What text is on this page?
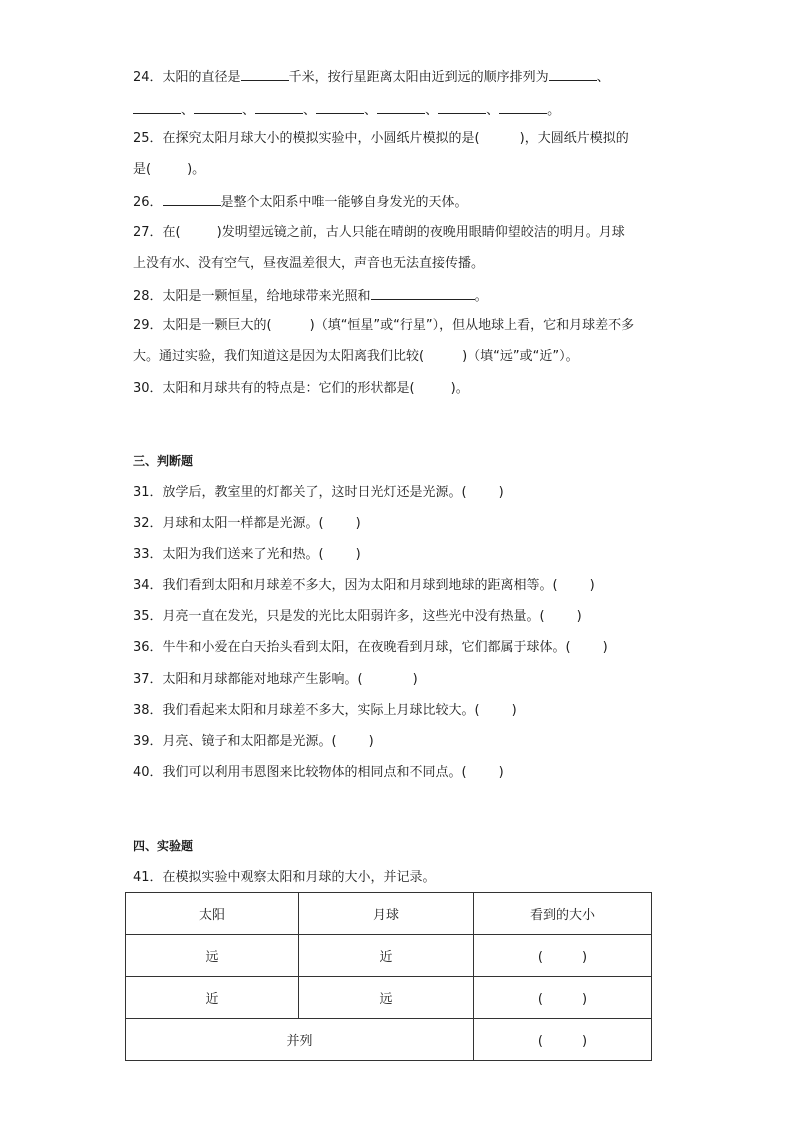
24．太阳的直径是	千米，按行星距离太阳由近到远的顺序排列为	、
、	、	、	、	、	、	。
25．在探究太阳月球大小的模拟实验中，小圆纸片模拟的是(	)，大圆纸片模拟的
是(	)。
26．	是整个太阳系中唯一能够自身发光的天体。
27．在(	)发明望远镜之前，古人只能在晴朗的夜晚用眼睛仰望皎洁的明月。月球
上没有水、没有空气，昼夜温差很大，声音也无法直接传播。
28．太阳是一颗恒星，给地球带来光照和	。
29．太阳是一颗巨大的(	)（填“恒星”或“行星”），但从地球上看，它和月球差不多
大。通过实验，我们知道这是因为太阳离我们比较(	)（填“远”或“近”）。
30．太阳和月球共有的特点是：它们的形状都是(	)。
三、判断题
31．放学后，教室里的灯都关了，这时日光灯还是光源。( )
32．月球和太阳一样都是光源。( )
33．太阳为我们送来了光和热。( )
34．我们看到太阳和月球差不多大，因为太阳和月球到地球的距离相等。( )
35．月亮一直在发光，只是发的光比太阳弱许多，这些光中没有热量。( )
36．牛牛和小爱在白天抬头看到太阳，在夜晚看到月球，它们都属于球体。( )
37．太阳和月球都能对地球产生影响。(	)
38．我们看起来太阳和月球差不多大，实际上月球比较大。( )
39．月亮、镜子和太阳都是光源。( )
40．我们可以利用韦恩图来比较物体的相同点和不同点。( )
四、实验题
41．在模拟实验中观察太阳和月球的大小，并记录。
太阳	月球	看到的大小
远	近	(　　　)
近	远	(　　　)
并列		(　　　)
